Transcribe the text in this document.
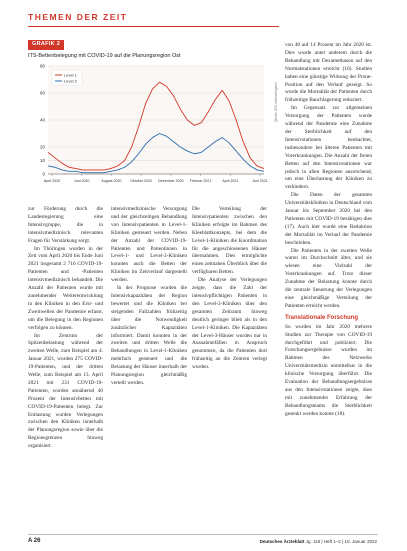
THEMEN DER ZEIT
GRAFIK 2
ITS-Bettenbelegung mit COVID-19 auf die Planungsregion Ost
0
10
20
40
60
80
April 2020	Juni 2020	August 2020 Oktober 2020 Dezember 2020 Februar 2021	April 2021	Juni 2021
Level 1
Level 2
Quelle: DIVI-Intensivregister

zur Förderung durch die Landesregierung eine Intensivgruppe, die in intensivmedizinisch relevanten Fragen für Verstärkung sorgt.

Im Thüringen wurden in der Zeit vom April 2020 bis Ende Juni 2021 insgesamt 2 716 COVID-19-Patienten und -Patienten intensivmedizinisch behandelt. Die Anzahl der Patienten wurde mit zunehmender Weiterentwicklung in den Kliniken in den Erst- und Zweitwellen der Pandemie erfasst, um die Belegung in den Regionen verfolgen zu können.

Im Zentrum der Spitzenbelastung während der zweiten Welle, zum Beispiel am 4. Januar 2021, wurden 275 COVID-19-Patienten, und der dritten Welle, zum Beispiel am 13. April 2021 mit 231 COVID-19-Patienten, wurden annähernd 40 Prozent der Intensivbetten mit COVID-19-Patienten belegt. Zur Entlastung wurden Verlegungen zwischen den Kliniken innerhalb der Planungsregion sowie über die Regionsgrenzen hinweg organisiert.

intensivmedizinische Versorgung und der gleichzeitigen Behandlung von Intensivpatienten in Level-1-Kliniken gesteuert werden. Neben der Anzahl der COVID-19-Patienten und Patientinnen in Level-1- und Level-2-Kliniken konnten auch die Betten der Kliniken im Zeitverlauf dargestellt werden.

In der Prognose wurden die Intensivkapazitäten der Region bewertet und die Kliniken bei steigenden Fallzahlen frühzeitig über die Notwendigkeit zusätzlicher Kapazitäten informiert. Damit konnten in der zweiten und dritten Welle die Behandlungen in Level-1-Kliniken mehrfach gesteuert und die Belastung der Häuser innerhalb der Planungsregion gleichmäßig verteilt werden.

Die Verteilung der Intensivpatienten zwischen den Kliniken erfolgte im Rahmen des Kleeblattkonzepts, bei dem die Level-1-Kliniken die Koordination für die angeschlossenen Häuser übernahmen. Dies ermöglichte einen zeitnahen Überblick über die verfügbaren Betten.

Die Analyse der Verlegungen zeigte, dass die Zahl der intensivpflichtigen Patienten in den Level-2-Kliniken über den gesamten Zeitraum hinweg deutlich geringer blieb als in den Level-1-Kliniken. Die Kapazitäten der Level-3-Häuser wurden nur in Ausnahmefällen in Anspruch genommen, da die Patienten dort frühzeitig an die Zentren verlegt wurden.

von 40 auf 14 Prozent im Jahr 2020 ist. Dies wurde unter anderem durch die Behandlung mit Dexamethason auf den Normalstationen erreicht (16). Studien haben eine günstige Wirkung der Prone-Position auf den Verlauf gezeigt. So wurde die Mortalität der Patienten durch frühzeitige Bauchlagerung reduziert.

Im Gegensatz zur allgemeinen Versorgung der Patienten wurde während der Pandemie eine Zunahme der Sterblichkeit auf den Intensivstationen beobachtet, insbesondere bei älteren Patienten mit Vorerkrankungen. Die Anzahl der freien Betten auf den Intensivstationen war jedoch in allen Regionen ausreichend, um eine Überlastung der Kliniken zu verhindern.

Die Daten der gesamten Universitätskliniken in Deutschland vom Januar bis September 2020 bei den Patienten mit COVID-19 bestätigen dies (17). Auch hier wurde eine Reduktion der Mortalität im Verlauf der Pandemie beschrieben.

Die Patienten in der zweiten Welle waren im Durchschnitt älter, und sie wiesen eine Vielzahl der Vorerkrankungen auf. Trotz dieser Zunahme der Belastung konnte durch die zentrale Steuerung der Verlegungen eine gleichmäßige Verteilung der Patienten erreicht werden.

Translationale Forschung

So wurden im Jahr 2020 mehrere Studien zur Therapie von COVID-19 durchgeführt und publiziert. Die Forschungsergebnisse wurden im Rahmen des Netzwerks Universitätsmedizin unmittelbar in die klinische Versorgung überführt. Die Evaluation der Behandlungsergebnisse aus den Intensivstationen zeigte, dass mit zunehmender Erfahrung der Behandlungsteams die Sterblichkeit gesenkt werden konnte (18).

A 26	Deutsches Ärzteblatt Jg. 118 | Heft 1–2 | 10. Januar 2022
